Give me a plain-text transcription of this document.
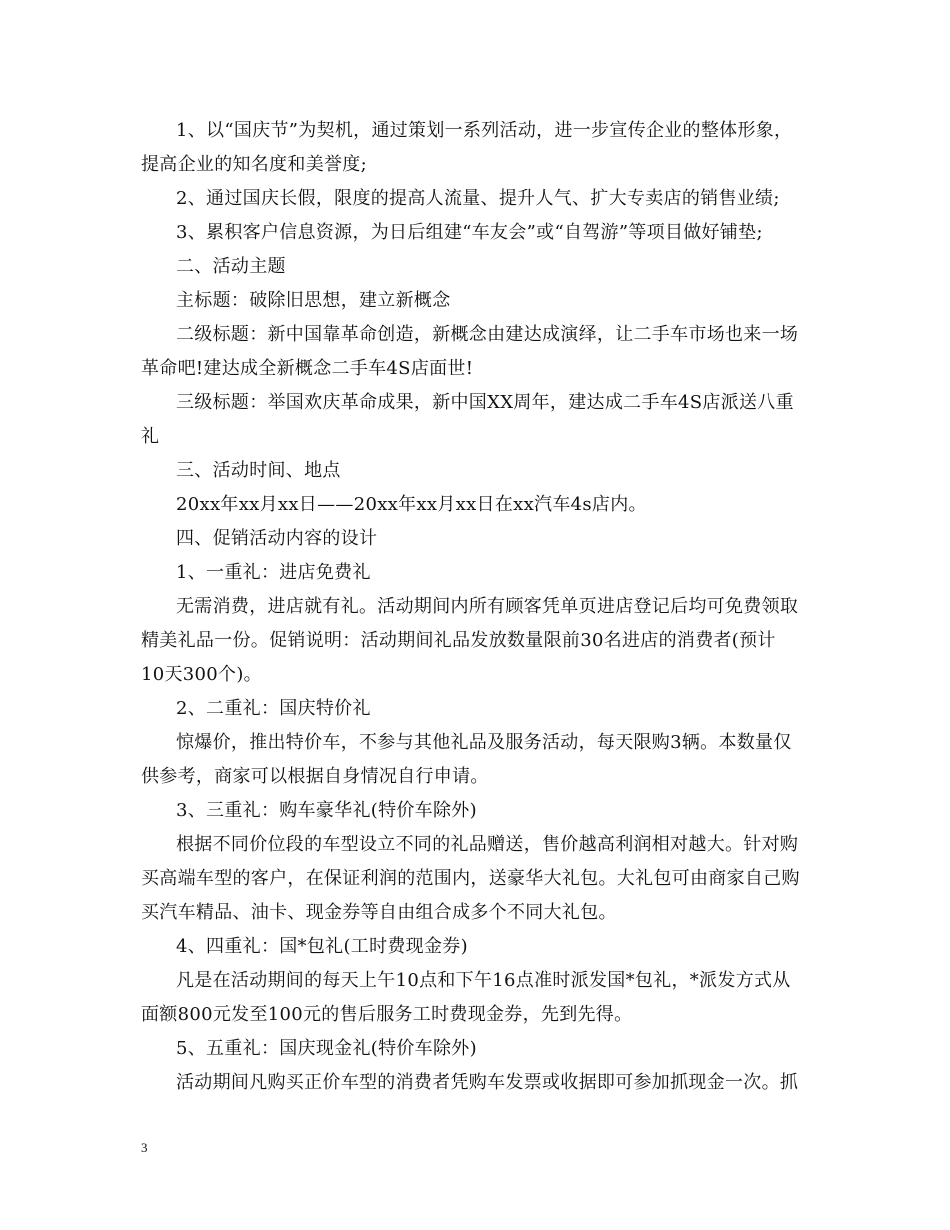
1、以“国庆节”为契机，通过策划一系列活动，进一步宣传企业的整体形象，
提高企业的知名度和美誉度;
2、通过国庆长假，限度的提高人流量、提升人气、扩大专卖店的销售业绩;
3、累积客户信息资源，为日后组建“车友会”或“自驾游”等项目做好铺垫;
二、活动主题
主标题：破除旧思想，建立新概念
二级标题：新中国靠革命创造，新概念由建达成演绎，让二手车市场也来一场
革命吧!建达成全新概念二手车4S店面世!
三级标题：举国欢庆革命成果，新中国XX周年，建达成二手车4S店派送八重
礼
三、活动时间、地点
20xx年xx月xx日——20xx年xx月xx日在xx汽车4s店内。
四、促销活动内容的设计
1、一重礼：进店免费礼
无需消费，进店就有礼。活动期间内所有顾客凭单页进店登记后均可免费领取
精美礼品一份。促销说明：活动期间礼品发放数量限前30名进店的消费者(预计
10天300个)。
2、二重礼：国庆特价礼
惊爆价，推出特价车，不参与其他礼品及服务活动，每天限购3辆。本数量仅
供参考，商家可以根据自身情况自行申请。
3、三重礼：购车豪华礼(特价车除外)
根据不同价位段的车型设立不同的礼品赠送，售价越高利润相对越大。针对购
买高端车型的客户，在保证利润的范围内，送豪华大礼包。大礼包可由商家自己购
买汽车精品、油卡、现金券等自由组合成多个不同大礼包。
4、四重礼：国*包礼(工时费现金券)
凡是在活动期间的每天上午10点和下午16点准时派发国*包礼，*派发方式从
面额800元发至100元的售后服务工时费现金券，先到先得。
5、五重礼：国庆现金礼(特价车除外)
活动期间凡购买正价车型的消费者凭购车发票或收据即可参加抓现金一次。抓
3
